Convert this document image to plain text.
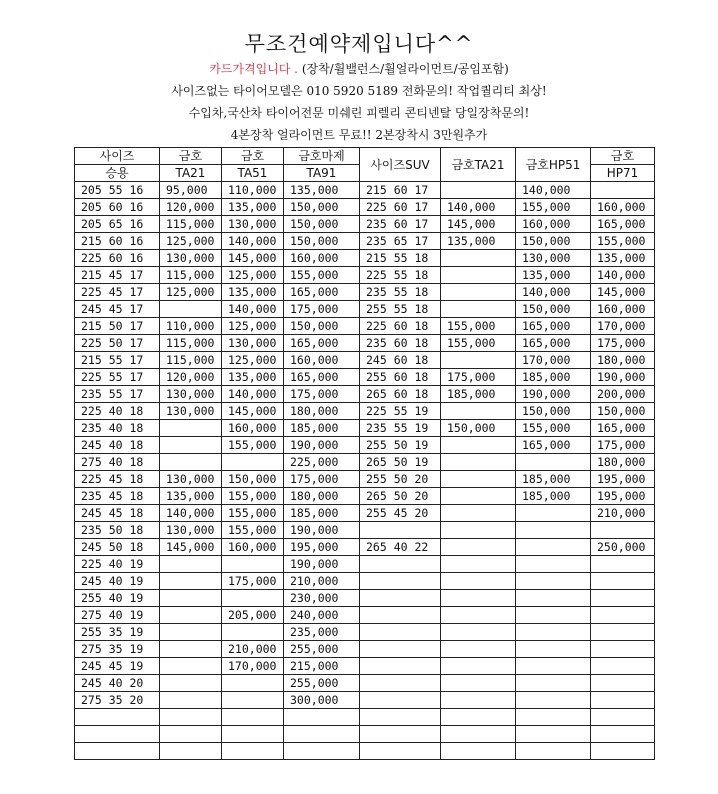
무조건예약제입니다^^
카드가격입니다 . (장착/휠밸런스/휠얼라이먼트/공임포함)
사이즈없는 타이어모델은 010 5920 5189 전화문의! 작업퀄리티 최상!
수입차,국산차 타이어전문 미쉐린 피렐리 콘티넨탈 당일장착문의!
4본장착 얼라이먼트 무료!! 2본장착시 3만원추가
사이즈	금호	금호	금호마제	사이즈SUV	금호TA21	금호HP51	금호
승용	TA21	TA51	TA91				HP71
205 55 16	95,000	110,000	135,000	215 60 17		140,000	
205 60 16	120,000	135,000	150,000	225 60 17	140,000	155,000	160,000
205 65 16	115,000	130,000	150,000	235 60 17	145,000	160,000	165,000
215 60 16	125,000	140,000	150,000	235 65 17	135,000	150,000	155,000
225 60 16	130,000	145,000	160,000	215 55 18		130,000	135,000
215 45 17	115,000	125,000	155,000	225 55 18		135,000	140,000
225 45 17	125,000	135,000	165,000	235 55 18		140,000	145,000
245 45 17		140,000	175,000	255 55 18		150,000	160,000
215 50 17	110,000	125,000	150,000	225 60 18	155,000	165,000	170,000
225 50 17	115,000	130,000	165,000	235 60 18	155,000	165,000	175,000
215 55 17	115,000	125,000	160,000	245 60 18		170,000	180,000
225 55 17	120,000	135,000	165,000	255 60 18	175,000	185,000	190,000
235 55 17	130,000	140,000	175,000	265 60 18	185,000	190,000	200,000
225 40 18	130,000	145,000	180,000	225 55 19		150,000	150,000
235 40 18		160,000	185,000	235 55 19	150,000	155,000	165,000
245 40 18		155,000	190,000	255 50 19		165,000	175,000
275 40 18			225,000	265 50 19			180,000
225 45 18	130,000	150,000	175,000	255 50 20		185,000	195,000
235 45 18	135,000	155,000	180,000	265 50 20		185,000	195,000
245 45 18	140,000	155,000	185,000	255 45 20			210,000
235 50 18	130,000	155,000	190,000				
245 50 18	145,000	160,000	195,000	265 40 22			250,000
225 40 19			190,000				
245 40 19		175,000	210,000				
255 40 19			230,000				
275 40 19		205,000	240,000				
255 35 19			235,000				
275 35 19		210,000	255,000				
245 45 19		170,000	215,000				
245 40 20			255,000				
275 35 20			300,000				
